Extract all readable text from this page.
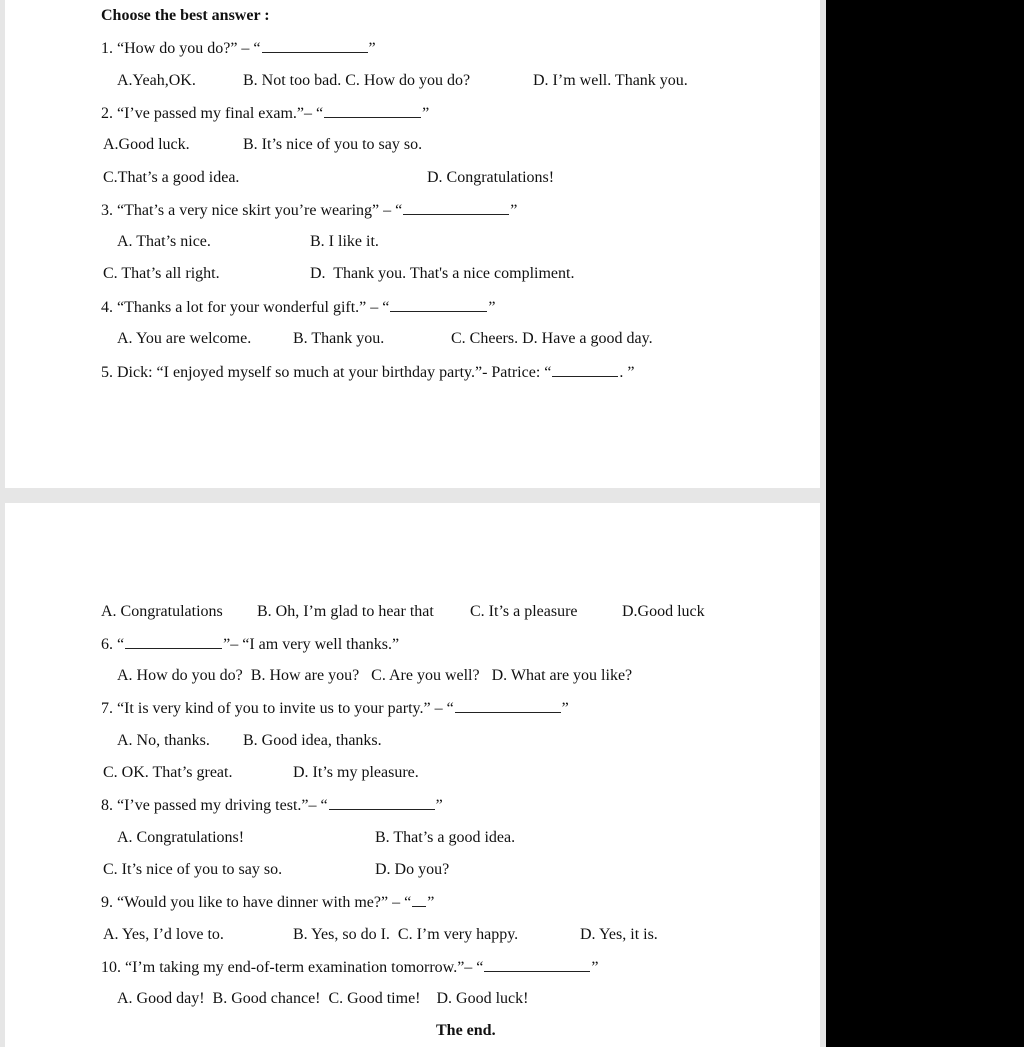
Choose the best answer :
1. “How do you do?” – “	”
A.Yeah,OK.	B. Not too bad. C. How do you do?	D. I’m well. Thank you.
2. “I’ve passed my final exam.”– “	”
A.Good luck.	B. It’s nice of you to say so.
C.That’s a good idea.	D. Congratulations!
3. “That’s a very nice skirt you’re wearing” – “	”
A. That’s nice.	B. I like it.
C. That’s all right.	D.  Thank you. That's a nice compliment.
4. “Thanks a lot for your wonderful gift.” – “	”
A. You are welcome.	B. Thank you.	C. Cheers. D. Have a good day.
5. Dick: “I enjoyed myself so much at your birthday party.”- Patrice: “	. ”
A. Congratulations B. Oh, I’m glad to hear that C. It’s a pleasure	D.Good luck
6. “	”– “I am very well thanks.”
A. How do you do?  B. How are you?   C. Are you well?   D. What are you like?
7. “It is very kind of you to invite us to your party.” – “	”
A. No, thanks. B. Good idea, thanks.
C. OK. That’s great.	D. It’s my pleasure.
8. “I’ve passed my driving test.”– “	”
A. Congratulations!	B. That’s a good idea.
C. It’s nice of you to say so.	D. Do you?
9. “Would you like to have dinner with me?” – “ ”
A. Yes, I’d love to.	B. Yes, so do I.  C. I’m very happy.	D. Yes, it is.
10. “I’m taking my end-of-term examination tomorrow.”– “	”
A. Good day!  B. Good chance!  C. Good time!    D. Good luck!
The end.
